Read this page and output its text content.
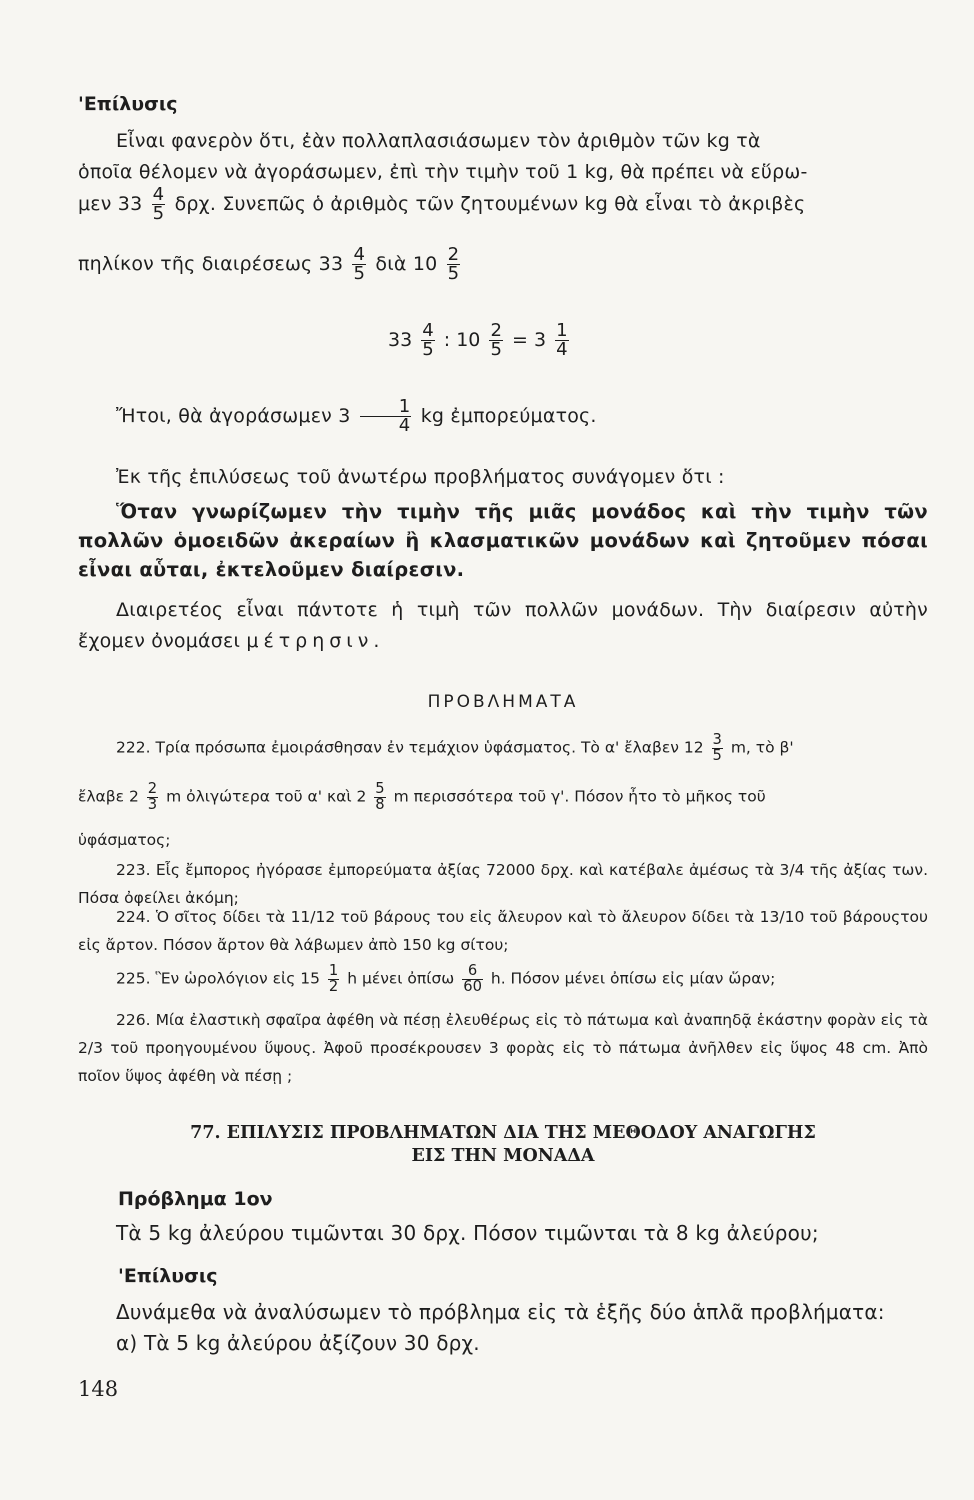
'Επίλυσις
Εἶναι φανερὸν ὅτι, ἐὰν πολλαπλασιάσωμεν τὸν ἀριθμὸν τῶν kg τὰ
ὁποῖα θέλομεν νὰ ἀγοράσωμεν, ἐπὶ τὴν τιμὴν τοῦ 1 kg, θὰ πρέπει νὰ εὕρω-
μεν $33 \frac{4}{5} \delta\rho\chi$. Συνεπῶς ὁ ἀριθμὸς τῶν ζητουμένων kg θὰ εἶναι τὸ ἀκριβὲς
πηλίκον τῆς διαιρέσεως $33 \frac{4}{5}$ διὰ $10 \frac{2}{5}$
$33 \frac{4}{5}$ : $10 \frac{2}{5} = 3 \frac{1}{4}$
Ἤτοι, θὰ ἀγοράσωμεν $3 \frac{1}{4}$ kg ἐμπορεύματος.
Ἐκ τῆς ἐπιλύσεως τοῦ ἀνωτέρω προβλήματος συνάγομεν ὅτι :
Ὅταν γνωρίζωμεν τὴν τιμὴν τῆς μιᾶς μονάδος καὶ τὴν τιμὴν τῶν πολλῶν ὁμοειδῶν ἀκεραίων ἢ κλασματικῶν μονάδων καὶ ζητοῦμεν πόσαι εἶναι αὗται, ἐκτελοῦμεν διαίρεσιν.
Διαιρετέος εἶναι πάντοτε ἡ τιμὴ τῶν πολλῶν μονάδων. Τὴν διαίρεσιν αὐτὴν ἔχομεν ὀνομάσει μέτρησιν.
ΠΡΟΒΛΗΜΑΤΑ
222. Τρία πρόσωπα ἐμοιράσθησαν ἐν τεμάχιον ὑφάσματος. Τὸ α' ἔλαβεν $12 \frac{3}{5} m$, τὸ β'
ἔλαβε $2 \frac{2}{3}$ m ὀλιγώτερα τοῦ α' καὶ $2 \frac{5}{8}$ m περισσότερα τοῦ γ'. Πόσον ἦτο τὸ μῆκος τοῦ
ὑφάσματος;
223. Εἷς ἔμπορος ἠγόρασε ἐμπορεύματα ἀξίας 72000 δρχ. καὶ κατέβαλε ἀμέσως τὰ 3/4 τῆς ἀξίας των. Πόσα ὀφείλει ἀκόμη;
224. Ὁ σῖτος δίδει τὰ 11/12 τοῦ βάρους του εἰς ἄλευρον καὶ τὸ ἄλευρον δίδει τὰ 13/10 τοῦ βάρουςτου εἰς ἄρτον. Πόσον ἄρτον θὰ λάβωμεν ἀπὸ 150 kg σίτου;
225. Ἓν ὡρολόγιον εἰς $15 \frac{1}{2}$ h μένει ὀπίσω $\frac{6}{60} h$. Πόσον μένει ὀπίσω εἰς μίαν ὥραν;
226. Μία ἐλαστικὴ σφαῖρα ἀφέθη νὰ πέσῃ ἐλευθέρως εἰς τὸ πάτωμα καὶ ἀναπηδᾷ ἑκάστην φορὰν εἰς τὰ 2/3 τοῦ προηγουμένου ὕψους. Ἀφοῦ προσέκρουσεν 3 φορὰς εἰς τὸ πάτωμα ἀνῆλθεν εἰς ὕψος 48 cm. Ἀπὸ ποῖον ὕψος ἀφέθη νὰ πέσῃ ;
77. ΕΠΙΛΥΣΙΣ ΠΡΟΒΛΗΜΑΤΩΝ ΔΙΑ ΤΗΣ ΜΕΘΟΔΟΥ ΑΝΑΓΩΓΗΣ
ΕΙΣ ΤΗΝ ΜΟΝΑΔΑ
Πρόβλημα 1ον
Τὰ 5 kg ἀλεύρου τιμῶνται 30 δρχ. Πόσον τιμῶνται τὰ 8 kg ἀλεύρου;
'Επίλυσις
Δυνάμεθα νὰ ἀναλύσωμεν τὸ πρόβλημα εἰς τὰ ἑξῆς δύο ἁπλᾶ προβλήματα:
α) Τὰ 5 kg ἀλεύρου ἀξίζουν 30 δρχ.
148
